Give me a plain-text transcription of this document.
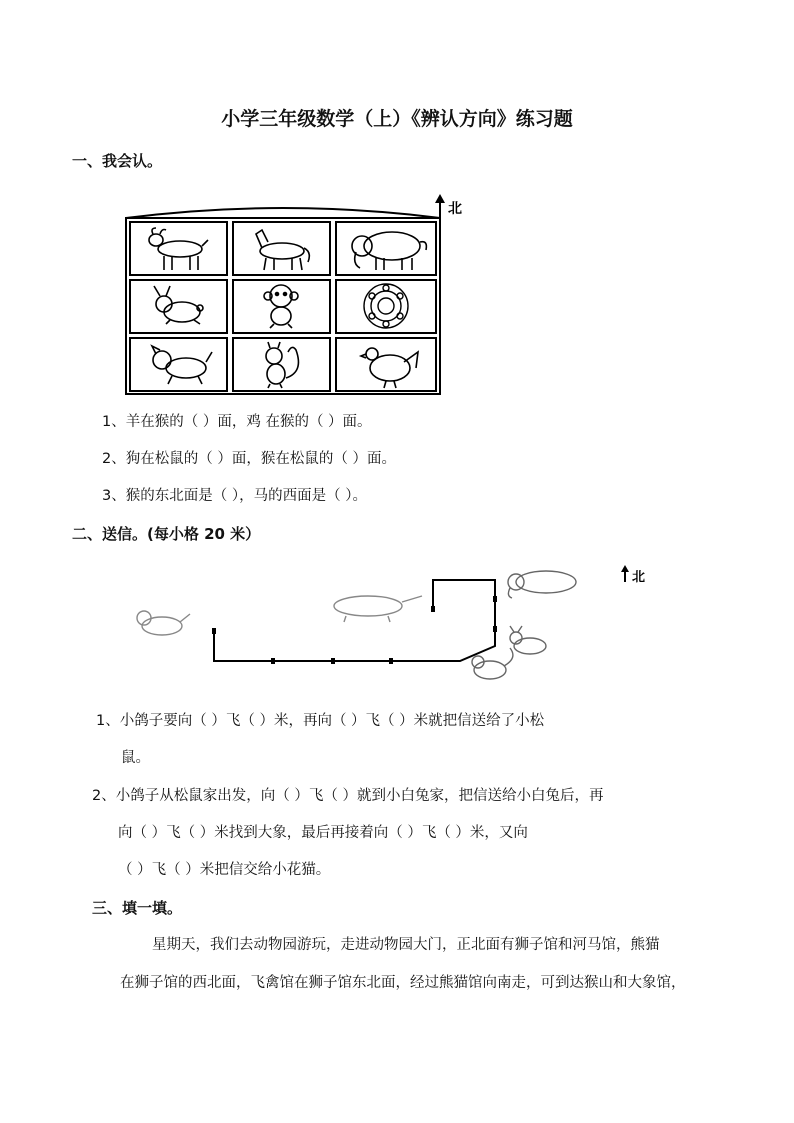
小学三年级数学（上）《辨认方向》练习题
一、我会认。
北
1、羊在猴的（ ）面，鸡 在猴的（ ）面。
2、狗在松鼠的（ ）面，猴在松鼠的（ ）面。
3、猴的东北面是（ ），马的西面是（ ）。
二、送信。(每小格 20 米）
北
1、小鸽子要向（ ）飞（ ）米，再向（ ）飞（ ）米就把信送给了小松
鼠。
2、小鸽子从松鼠家出发，向（ ）飞（ ）就到小白兔家，把信送给小白兔后，再
向（ ）飞（ ）米找到大象，最后再接着向（ ）飞（ ）米，又向
（ ）飞（ ）米把信交给小花猫。
三、填一填。
星期天，我们去动物园游玩，走进动物园大门，正北面有狮子馆和河马馆，熊猫
在狮子馆的西北面，飞禽馆在狮子馆东北面，经过熊猫馆向南走，可到达猴山和大象馆，
